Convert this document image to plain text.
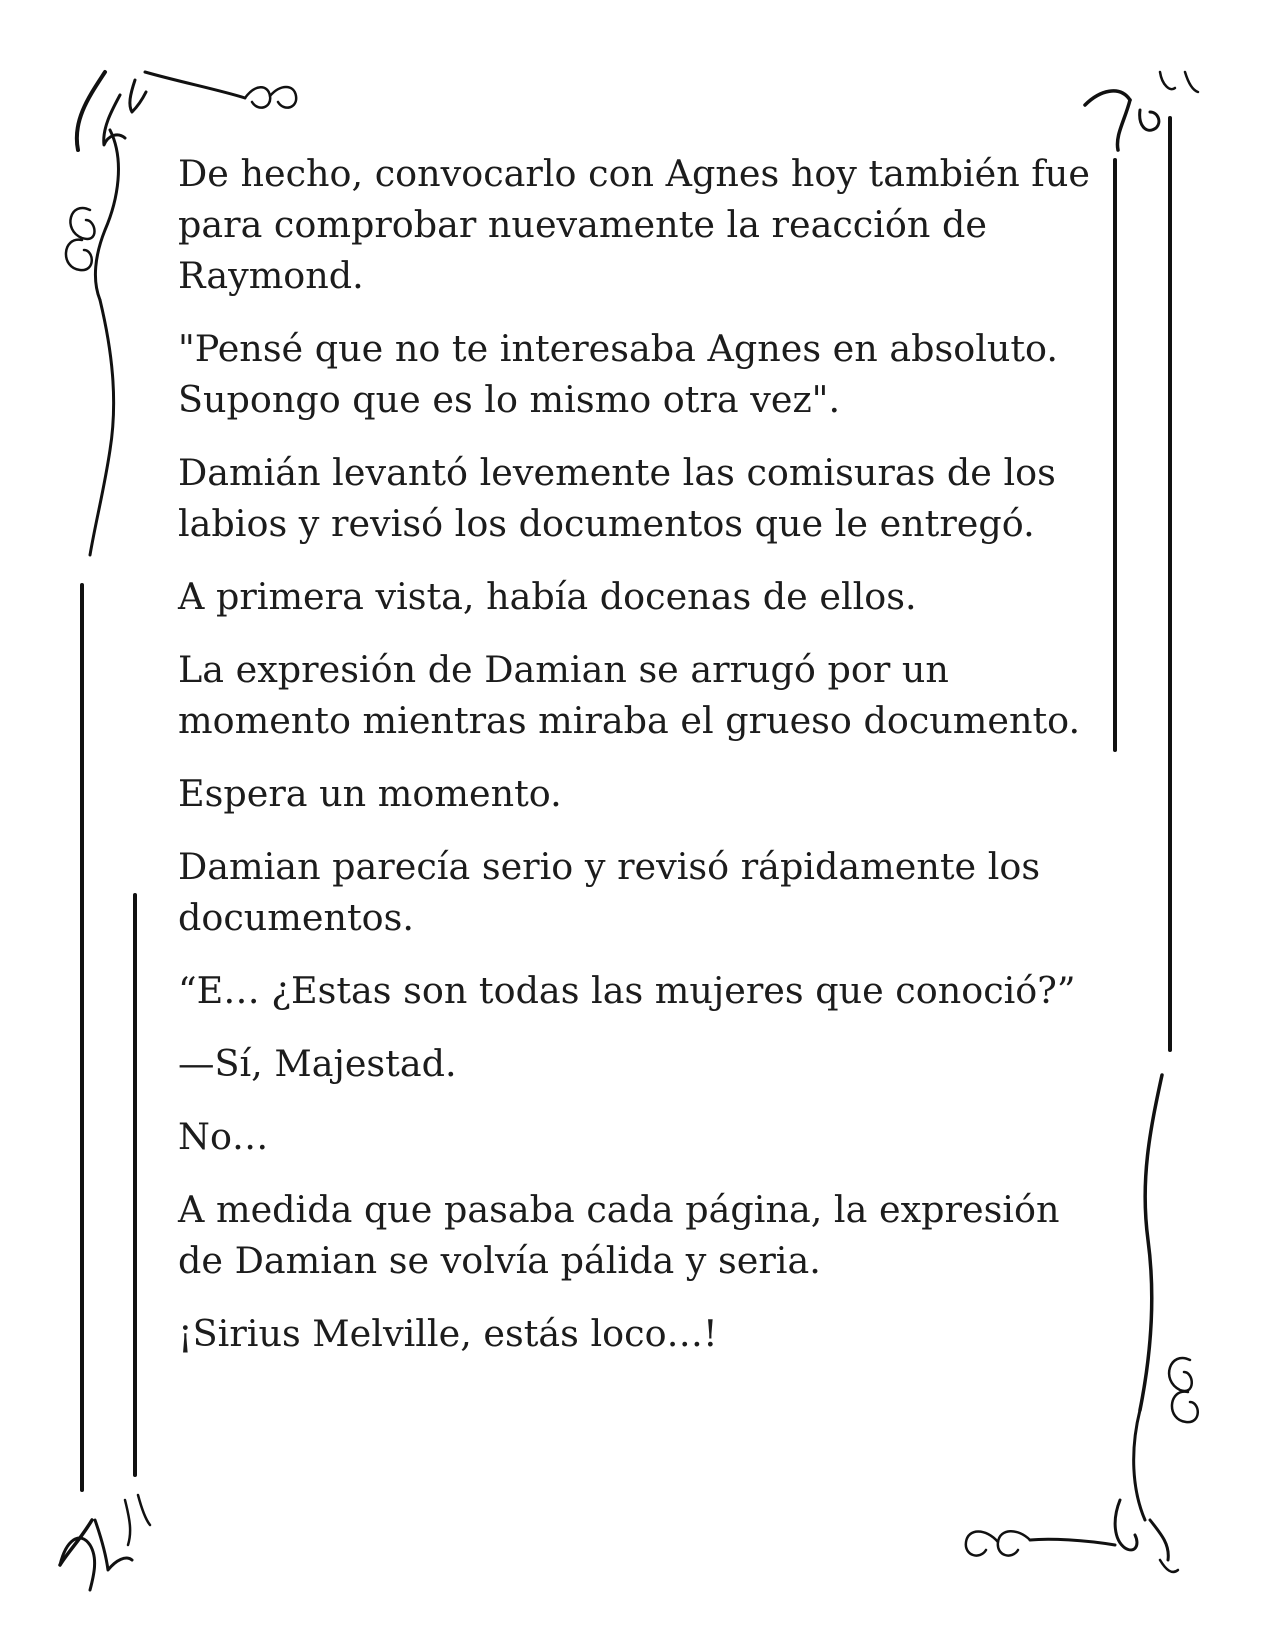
De hecho, convocarlo con Agnes hoy también fue para comprobar nuevamente la reacción de Raymond.

"Pensé que no te interesaba Agnes en absoluto. Supongo que es lo mismo otra vez".

Damián levantó levemente las comisuras de los labios y revisó los documentos que le entregó.

A primera vista, había docenas de ellos.

La expresión de Damian se arrugó por un momento mientras miraba el grueso documento.

Espera un momento.

Damian parecía serio y revisó rápidamente los documentos.

“E… ¿Estas son todas las mujeres que conoció?”

—Sí, Majestad.

No…

A medida que pasaba cada página, la expresión de Damian se volvía pálida y seria.

¡Sirius Melville, estás loco…!
